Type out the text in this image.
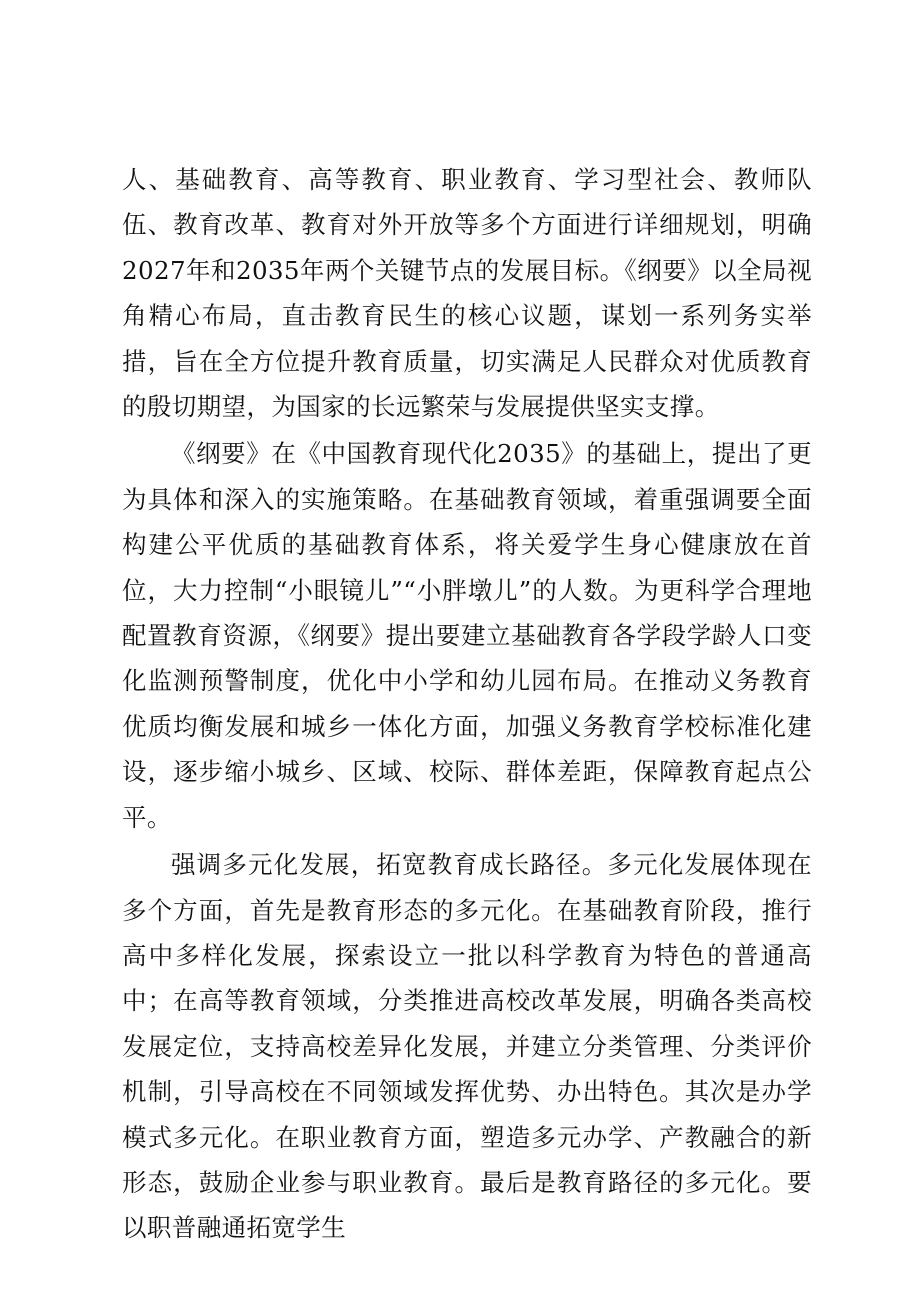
人、基础教育、高等教育、职业教育、学习型社会、教师队伍、教育改革、教育对外开放等多个方面进行详细规划，明确2027年和2035年两个关键节点的发展目标。《纲要》以全局视角精心布局，直击教育民生的核心议题，谋划一系列务实举措，旨在全方位提升教育质量，切实满足人民群众对优质教育的殷切期望，为国家的长远繁荣与发展提供坚实支撑。

《纲要》在《中国教育现代化2035》的基础上，提出了更为具体和深入的实施策略。在基础教育领域，着重强调要全面构建公平优质的基础教育体系，将关爱学生身心健康放在首位，大力控制“小眼镜儿”“小胖墩儿”的人数。为更科学合理地配置教育资源，《纲要》提出要建立基础教育各学段学龄人口变化监测预警制度，优化中小学和幼儿园布局。在推动义务教育优质均衡发展和城乡一体化方面，加强义务教育学校标准化建设，逐步缩小城乡、区域、校际、群体差距，保障教育起点公平。

强调多元化发展，拓宽教育成长路径。多元化发展体现在多个方面，首先是教育形态的多元化。在基础教育阶段，推行高中多样化发展，探索设立一批以科学教育为特色的普通高中；在高等教育领域，分类推进高校改革发展，明确各类高校发展定位，支持高校差异化发展，并建立分类管理、分类评价机制，引导高校在不同领域发挥优势、办出特色。其次是办学模式多元化。在职业教育方面，塑造多元办学、产教融合的新形态，鼓励企业参与职业教育。最后是教育路径的多元化。要以职普融通拓宽学生
